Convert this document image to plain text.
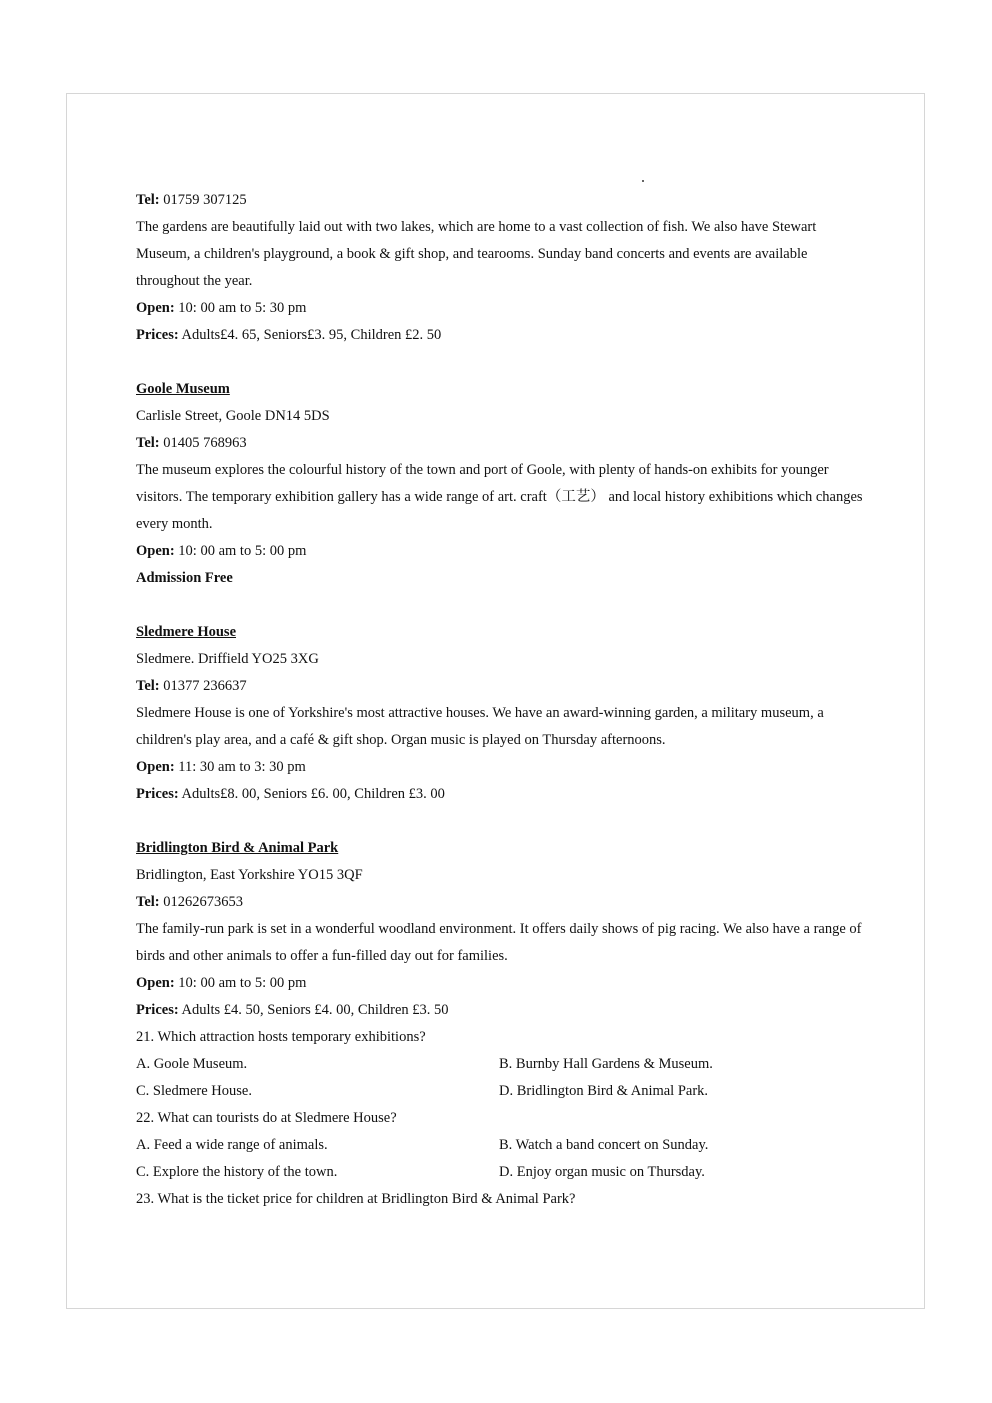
Tel: 01759 307125

The gardens are beautifully laid out with two lakes, which are home to a vast collection of fish. We also have Stewart Museum, a children's playground, a book & gift shop, and tearooms. Sunday band concerts and events are available throughout the year.

Open: 10: 00 am to 5: 30 pm

Prices: Adults£4. 65, Seniors£3. 95, Children £2. 50

Goole Museum

Carlisle Street, Goole DN14 5DS

Tel: 01405 768963

The museum explores the colourful history of the town and port of Goole, with plenty of hands-on exhibits for younger visitors. The temporary exhibition gallery has a wide range of art. craft（工艺） and local history exhibitions which changes every month.

Open: 10: 00 am to 5: 00 pm

Admission Free

Sledmere House

Sledmere. Driffield YO25 3XG

Tel: 01377 236637

Sledmere House is one of Yorkshire's most attractive houses. We have an award-winning garden, a military museum, a children's play area, and a café & gift shop. Organ music is played on Thursday afternoons.

Open: 11: 30 am to 3: 30 pm

Prices: Adults£8. 00, Seniors £6. 00, Children £3. 00

Bridlington Bird & Animal Park

Bridlington, East Yorkshire YO15 3QF

Tel: 01262673653

The family-run park is set in a wonderful woodland environment. It offers daily shows of pig racing. We also have a range of birds and other animals to offer a fun-filled day out for families.

Open: 10: 00 am to 5: 00 pm

Prices: Adults £4. 50, Seniors £4. 00, Children £3. 50

21. Which attraction hosts temporary exhibitions?

A. Goole Museum.	B. Burnby Hall Gardens & Museum.
C. Sledmere House.	D. Bridlington Bird & Animal Park.

22. What can tourists do at Sledmere House?

A. Feed a wide range of animals.	B. Watch a band concert on Sunday.
C. Explore the history of the town.	D. Enjoy organ music on Thursday.

23. What is the ticket price for children at Bridlington Bird & Animal Park?
